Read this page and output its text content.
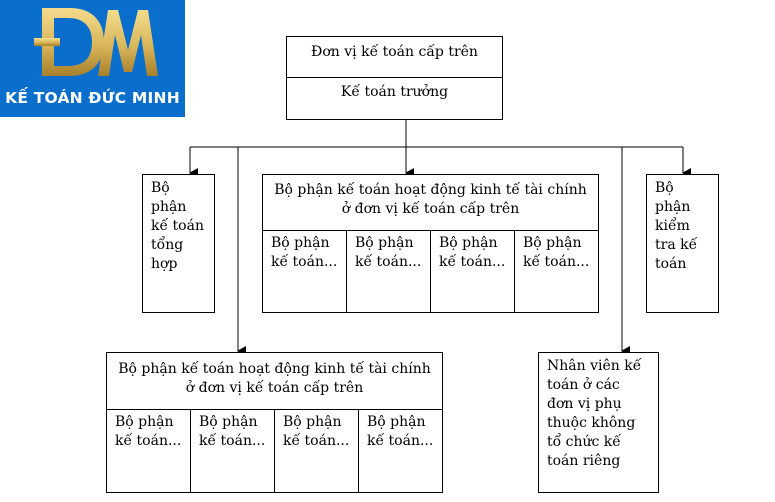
KẾ TOÁN ĐỨC MINH
Đơn vị kế toán cấp trên
Kế toán trưởng
Bộ
phận
kế toán
tổng
hợp
Bộ phận kế toán hoạt động kinh tế tài chính
ở đơn vị kế toán cấp trên
Bộ phận
kế toán...
Bộ phận
kế toán...
Bộ phận
kế toán...
Bộ phận
kế toán...
Bộ
phận
kiểm
tra kế
toán
Bộ phận kế toán hoạt động kinh tế tài chính
ở đơn vị kế toán cấp trên
Bộ phận
kế toán...
Bộ phận
kế toán...
Bộ phận
kế toán...
Bộ phận
kế toán...
Nhân viên kế
toán ở các
đơn vị phụ
thuộc không
tổ chức kế
toán riêng
